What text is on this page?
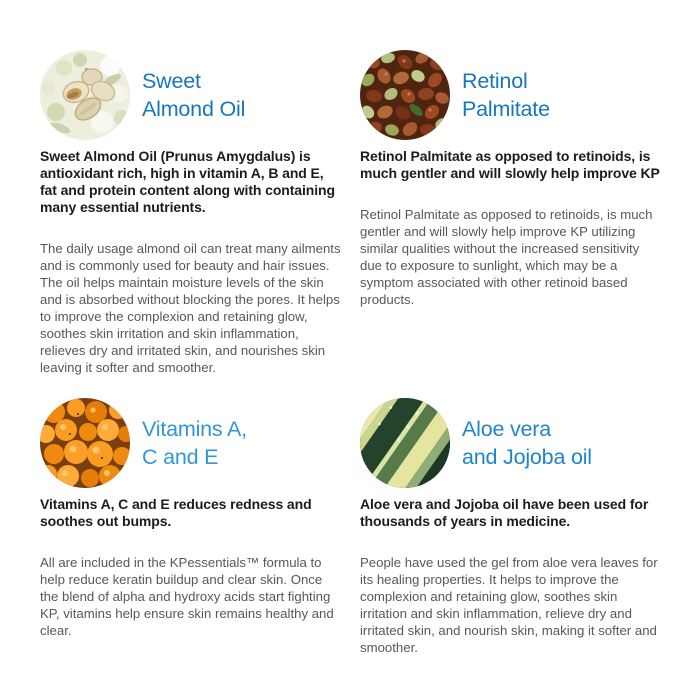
Sweet
Almond Oil

Sweet Almond Oil (Prunus Amygdalus) is antioxidant rich, high in vitamin A, B and E, fat and protein content along with containing many essential nutrients.

The daily usage almond oil can treat many ailments and is commonly used for beauty and hair issues. The oil helps maintain moisture levels of the skin and is absorbed without blocking the pores. It helps to improve the complexion and retaining glow, soothes skin irritation and skin inflammation, relieves dry and irritated skin, and nourishes skin leaving it softer and smoother.

Retinol
Palmitate

Retinol Palmitate as opposed to retinoids, is much gentler and will slowly help improve KP

Retinol Palmitate as opposed to retinoids, is much gentler and will slowly help improve KP utilizing similar qualities without the increased sensitivity due to exposure to sunlight, which may be a symptom associated with other retinoid based products.

Vitamins A,
C and E

Vitamins A, C and E reduces redness and soothes out bumps.

All are included in the KPessentials™ formula to help reduce keratin buildup and clear skin. Once the blend of alpha and hydroxy acids start fighting KP, vitamins help ensure skin remains healthy and clear.

Aloe vera
and Jojoba oil

Aloe vera and Jojoba oil have been used for thousands of years in medicine.

People have used the gel from aloe vera leaves for its healing properties. It helps to improve the complexion and retaining glow, soothes skin irritation and skin inflammation, relieve dry and irritated skin, and nourish skin, making it softer and smoother.
